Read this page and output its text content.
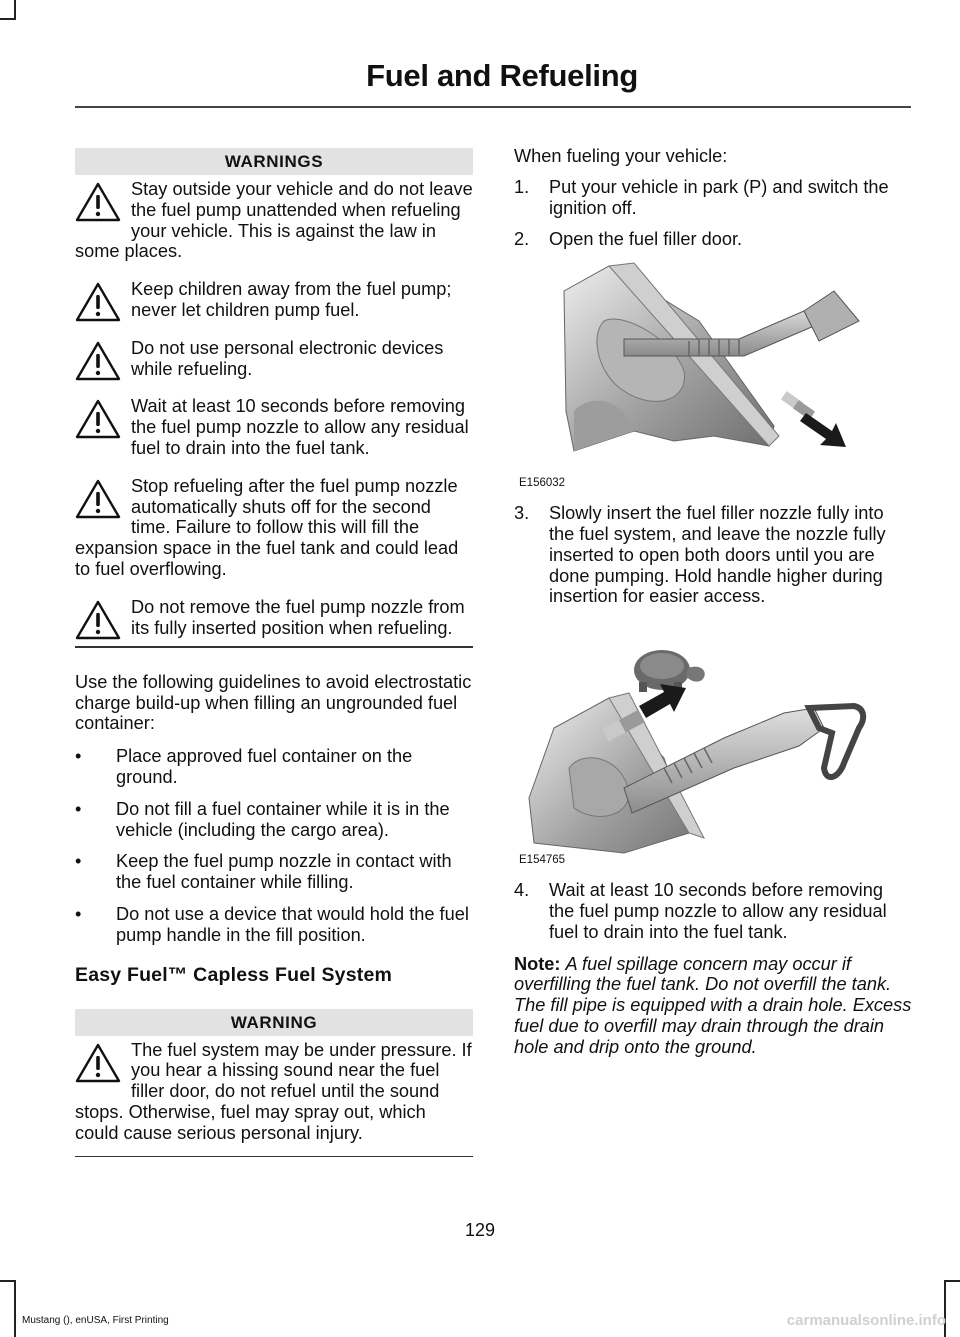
Fuel and Refueling
WARNINGS
Stay outside your vehicle and do not leave the fuel pump unattended when refueling your vehicle. This is against the law in some places.
Keep children away from the fuel pump; never let children pump fuel.
Do not use personal electronic devices while refueling.
Wait at least 10 seconds before removing the fuel pump nozzle to allow any residual fuel to drain into the fuel tank.
Stop refueling after the fuel pump nozzle automatically shuts off for the second time. Failure to follow this will fill the expansion space in the fuel tank and could lead to fuel overflowing.
Do not remove the fuel pump nozzle from its fully inserted position when refueling.

Use the following guidelines to avoid electrostatic charge build-up when filling an ungrounded fuel container:

• Place approved fuel container on the ground.
• Do not fill a fuel container while it is in the vehicle (including the cargo area).
• Keep the fuel pump nozzle in contact with the fuel container while filling.
• Do not use a device that would hold the fuel pump handle in the fill position.
Easy Fuel™ Capless Fuel System
WARNING
The fuel system may be under pressure. If you hear a hissing sound near the fuel filler door, do not refuel until the sound stops. Otherwise, fuel may spray out, which could cause serious personal injury.

When fueling your vehicle:

1. Put your vehicle in park (P) and switch the ignition off.
2. Open the fuel filler door.
E156032
3. Slowly insert the fuel filler nozzle fully into the fuel system, and leave the nozzle fully inserted to open both doors until you are done pumping. Hold handle higher during insertion for easier access.
E154765
4. Wait at least 10 seconds before removing the fuel pump nozzle to allow any residual fuel to drain into the fuel tank.

Note: A fuel spillage concern may occur if overfilling the fuel tank. Do not overfill the tank. The fill pipe is equipped with a drain hole. Excess fuel due to overfill may drain through the drain hole and drip onto the ground.

129
Mustang (), enUSA, First Printing	carmanualsonline.info
